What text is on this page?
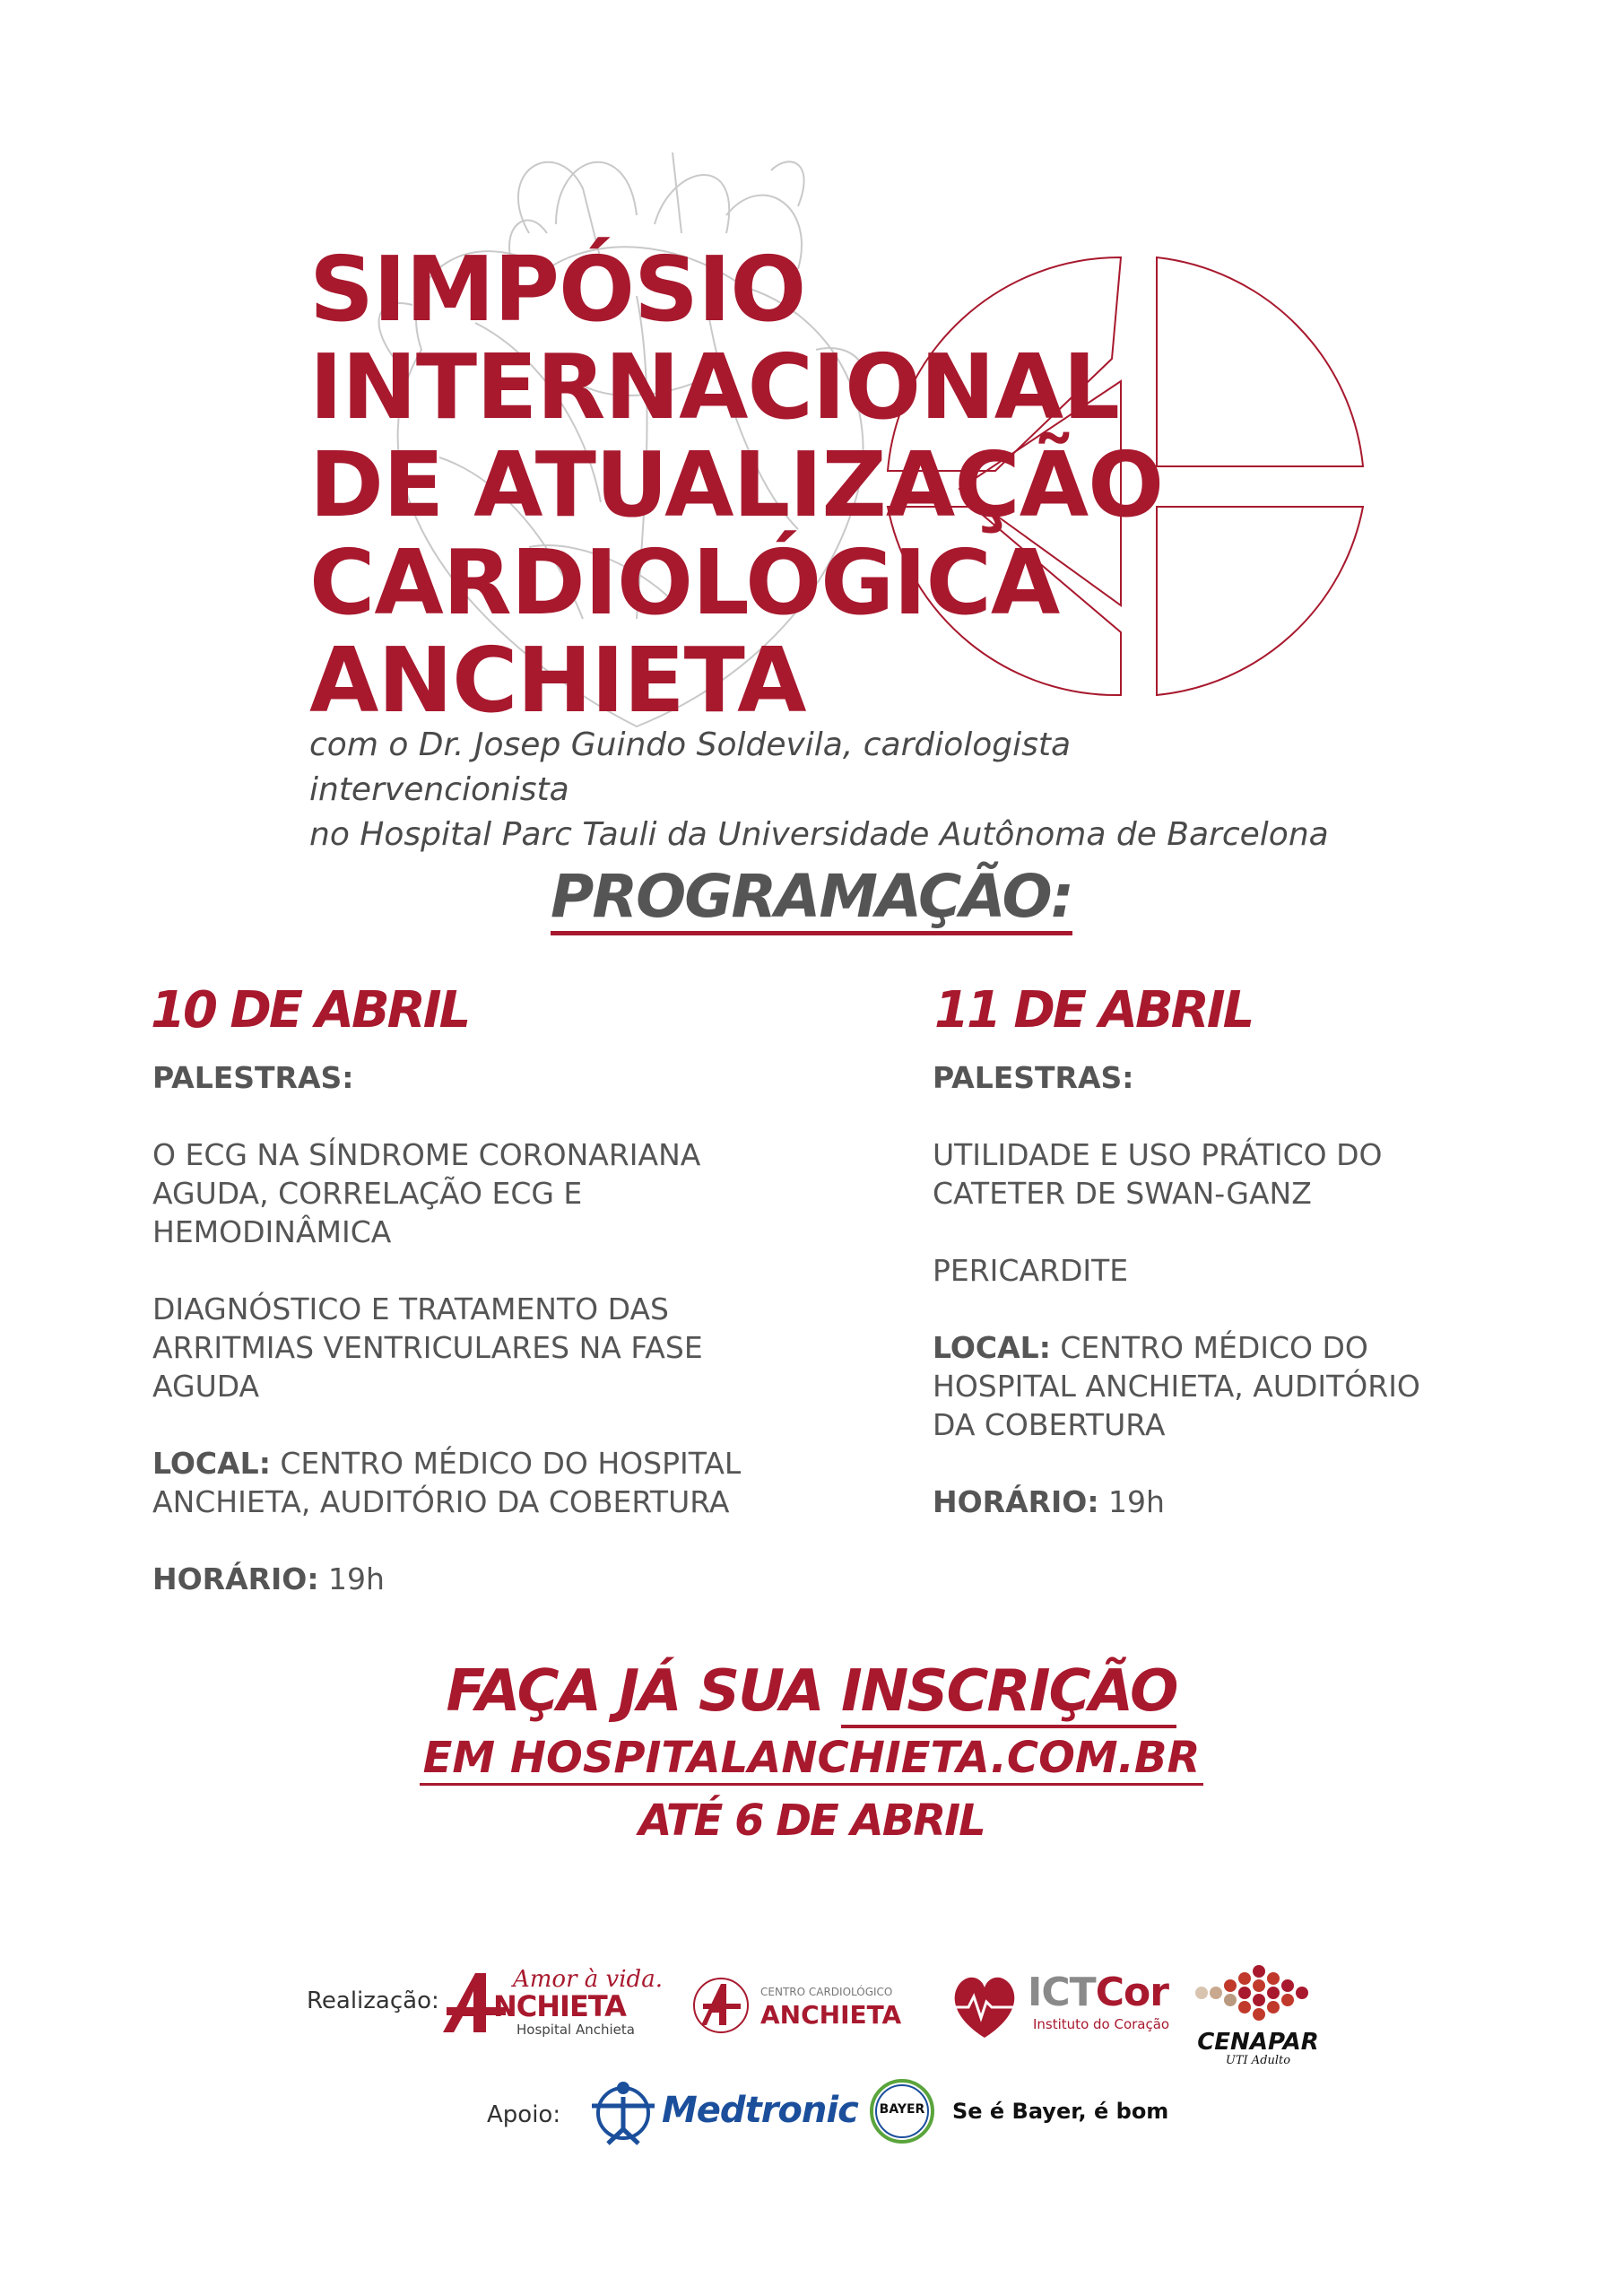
SIMPÓSIO
INTERNACIONAL
DE ATUALIZAÇÃO
CARDIOLÓGICA
ANCHIETA
com o Dr. Josep Guindo Soldevila, cardiologista intervencionista
no Hospital Parc Tauli da Universidade Autônoma de Barcelona
PROGRAMAÇÃO:
10 DE ABRIL

PALESTRAS:

O ECG NA SÍNDROME CORONARIANA AGUDA, CORRELAÇÃO ECG E HEMODINÂMICA

DIAGNÓSTICO E TRATAMENTO DAS ARRITMIAS VENTRICULARES NA FASE AGUDA

LOCAL: CENTRO MÉDICO DO HOSPITAL ANCHIETA, AUDITÓRIO DA COBERTURA

HORÁRIO: 19h

11 DE ABRIL

PALESTRAS:

UTILIDADE E USO PRÁTICO DO CATETER DE SWAN-GANZ

PERICARDITE

LOCAL: CENTRO MÉDICO DO HOSPITAL ANCHIETA, AUDITÓRIO DA COBERTURA

HORÁRIO: 19h

FAÇA JÁ SUA INSCRIÇÃO
EM HOSPITALANCHIETA.COM.BR
ATÉ 6 DE ABRIL
Realização:
Amor à vida.
NCHIETA
Hospital Anchieta
CENTRO CARDIOLÓGICO
ANCHIETA	ICTCor
Instituto do Coração
CENAPAR
UTI Adulto
Apoio:	Medtronic	BAYER Se é Bayer, é bom
